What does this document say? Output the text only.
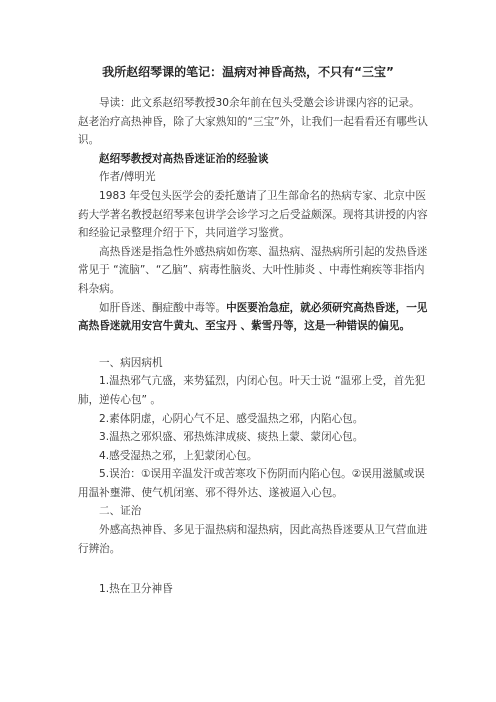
我所赵绍琴课的笔记：温病对神昏高热，不只有“三宝”

导读：此文系赵绍琴教授30余年前在包头受邀会诊讲课内容的记录。赵老治疗高热神昏，除了大家熟知的“三宝”外，让我们一起看看还有哪些认识。

赵绍琴教授对高热昏迷证治的经验谈

作者/傅明光

1983 年受包头医学会的委托邀请了卫生部命名的热病专家、北京中医药大学著名教授赵绍琴来包讲学会诊学习之后受益颇深。现将其讲授的内容和经验记录整理介绍于下，共同道学习鉴赏。

高热昏迷是指急性外感热病如伤寒、温热病、湿热病所引起的发热昏迷常见于 “流脑”、“乙脑”、病毒性脑炎、大叶性肺炎 、中毒性痢疾等非指内科杂病。

如肝昏迷、酮症酸中毒等。中医要治急症，就必须研究高热昏迷，一见高热昏迷就用安宫牛黄丸、至宝丹 、紫雪丹等，这是一种错误的偏见。

一、病因病机

1.温热邪气亢盛，来势猛烈，内闭心包。叶天士说 “温邪上受，首先犯肺，逆传心包” 。

2.素体阴虚，心阴心气不足、感受温热之邪，内陷心包。

3.温热之邪炽盛、邪热炼津成痰、痰热上蒙、蒙闭心包。

4.感受湿热之邪，上犯蒙闭心包。

5.误治：①误用辛温发汗或苦寒攻下伤阴而内陷心包。②误用滋腻或误用温补壅滞、使气机闭塞、邪不得外达、遂被逼入心包。

二、证治

外感高热神昏、多见于温热病和湿热病，因此高热昏迷要从卫气营血进行辨治。

1.热在卫分神昏
